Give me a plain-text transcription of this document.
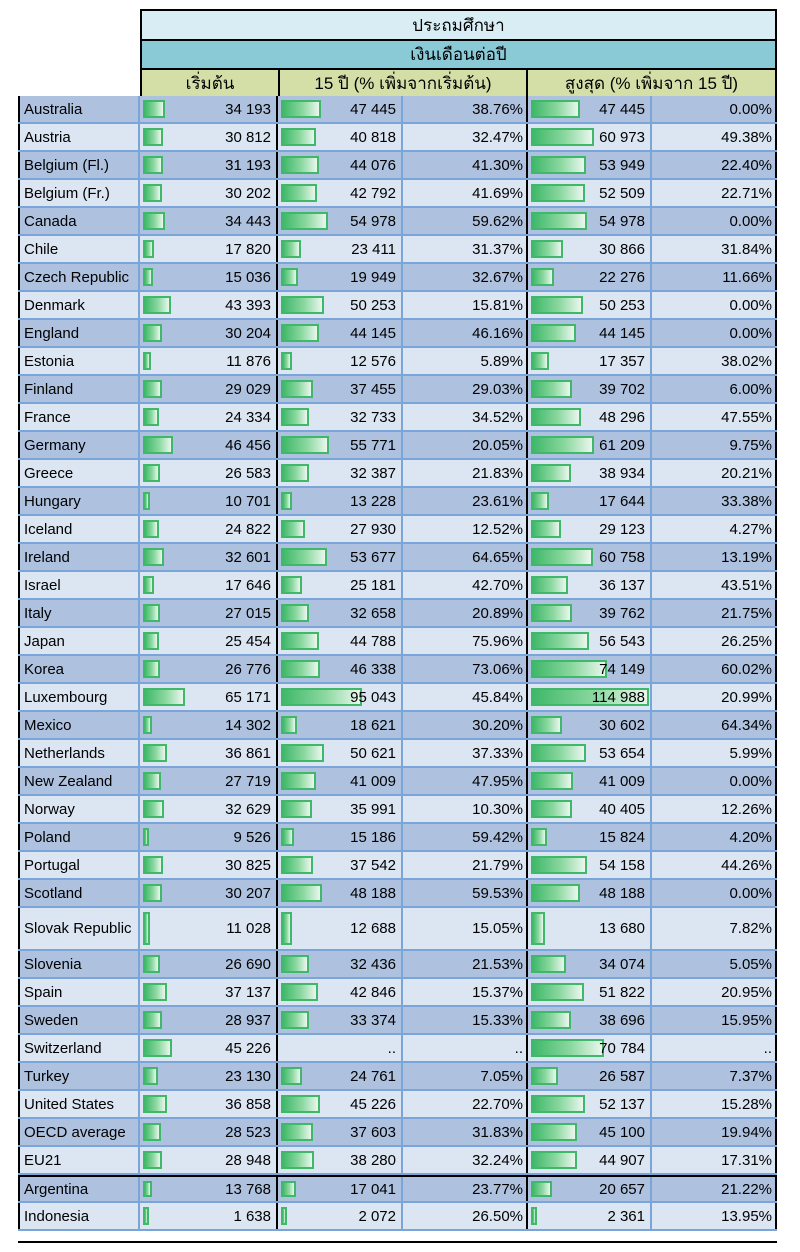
ประถมศึกษา
เงินเดือนต่อปี
เริ่มต้น	15 ปี (% เพิ่มจากเริ่มต้น)	สูงสุด (% เพิ่มจาก 15 ปี)
Australia	34 193	47 445	38.76%	47 445	0.00%
Austria	30 812	40 818	32.47%	60 973	49.38%
Belgium (Fl.)	31 193	44 076	41.30%	53 949	22.40%
Belgium (Fr.)	30 202	42 792	41.69%	52 509	22.71%
Canada	34 443	54 978	59.62%	54 978	0.00%
Chile	17 820	23 411	31.37%	30 866	31.84%
Czech Republic	15 036	19 949	32.67%	22 276	11.66%
Denmark	43 393	50 253	15.81%	50 253	0.00%
England	30 204	44 145	46.16%	44 145	0.00%
Estonia	11 876	12 576	5.89%	17 357	38.02%
Finland	29 029	37 455	29.03%	39 702	6.00%
France	24 334	32 733	34.52%	48 296	47.55%
Germany	46 456	55 771	20.05%	61 209	9.75%
Greece	26 583	32 387	21.83%	38 934	20.21%
Hungary	10 701	13 228	23.61%	17 644	33.38%
Iceland	24 822	27 930	12.52%	29 123	4.27%
Ireland	32 601	53 677	64.65%	60 758	13.19%
Israel	17 646	25 181	42.70%	36 137	43.51%
Italy	27 015	32 658	20.89%	39 762	21.75%
Japan	25 454	44 788	75.96%	56 543	26.25%
Korea	26 776	46 338	73.06%	74 149	60.02%
Luxembourg	65 171	95 043	45.84%	114 988	20.99%
Mexico	14 302	18 621	30.20%	30 602	64.34%
Netherlands	36 861	50 621	37.33%	53 654	5.99%
New Zealand	27 719	41 009	47.95%	41 009	0.00%
Norway	32 629	35 991	10.30%	40 405	12.26%
Poland	9 526	15 186	59.42%	15 824	4.20%
Portugal	30 825	37 542	21.79%	54 158	44.26%
Scotland	30 207	48 188	59.53%	48 188	0.00%
Slovak Republic	11 028	12 688	15.05%	13 680	7.82%
Slovenia	26 690	32 436	21.53%	34 074	5.05%
Spain	37 137	42 846	15.37%	51 822	20.95%
Sweden	28 937	33 374	15.33%	38 696	15.95%
Switzerland	45 226	..	..	70 784	..
Turkey	23 130	24 761	7.05%	26 587	7.37%
United States	36 858	45 226	22.70%	52 137	15.28%
OECD average	28 523	37 603	31.83%	45 100	19.94%
EU21	28 948	38 280	32.24%	44 907	17.31%
Argentina	13 768	17 041	23.77%	20 657	21.22%
Indonesia	1 638	2 072	26.50%	2 361	13.95%
